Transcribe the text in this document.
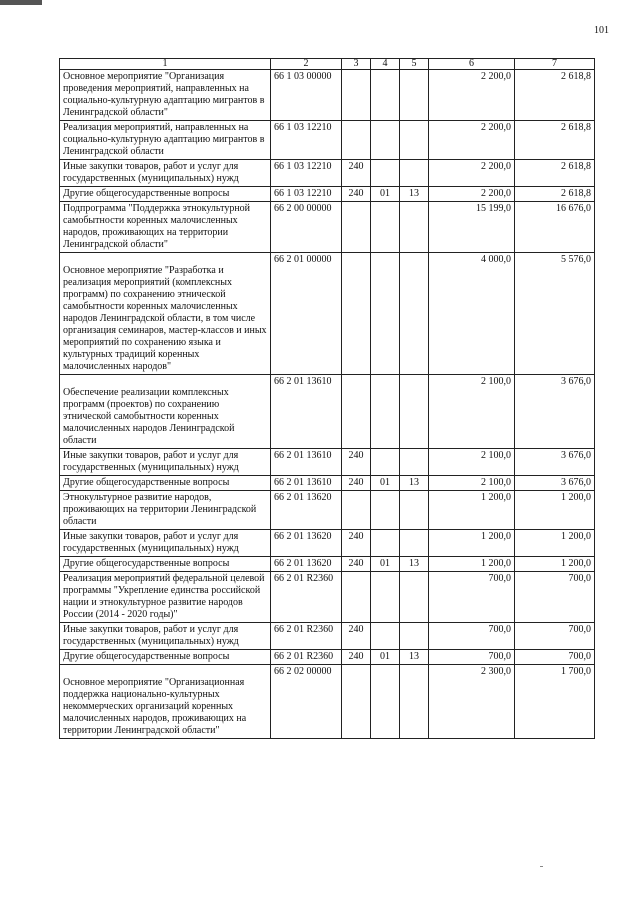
101
1	2	3	4	5	6	7
Основное мероприятие "Организация проведения мероприятий, направленных на социально-культурную адаптацию мигрантов в Ленинградской области"	66 1 03 00000				2 200,0	2 618,8
Реализация мероприятий, направленных на социально-культурную адаптацию мигрантов в Ленинградской области	66 1 03 12210				2 200,0	2 618,8
Иные закупки товаров, работ и услуг для государственных (муниципальных) нужд	66 1 03 12210	240			2 200,0	2 618,8
Другие общегосударственные вопросы	66 1 03 12210	240	01	13	2 200,0	2 618,8
Подпрограмма "Поддержка этнокультурной самобытности коренных малочисленных народов, проживающих на территории Ленинградской области"	66 2 00 00000				15 199,0	16 676,0
Основное мероприятие "Разработка и реализация мероприятий (комплексных программ) по сохранению этнической самобытности коренных малочисленных народов Ленинградской области, в том числе организация семинаров, мастер-классов и иных мероприятий по сохранению языка и культурных традиций коренных малочисленных народов"	66 2 01 00000				4 000,0	5 576,0
Обеспечение реализации комплексных программ (проектов) по сохранению этнической самобытности коренных малочисленных народов Ленинградской области	66 2 01 13610				2 100,0	3 676,0
Иные закупки товаров, работ и услуг для государственных (муниципальных) нужд	66 2 01 13610	240			2 100,0	3 676,0
Другие общегосударственные вопросы	66 2 01 13610	240	01	13	2 100,0	3 676,0
Этнокультурное развитие народов, проживающих на территории Ленинградской области	66 2 01 13620				1 200,0	1 200,0
Иные закупки товаров, работ и услуг для государственных (муниципальных) нужд	66 2 01 13620	240			1 200,0	1 200,0
Другие общегосударственные вопросы	66 2 01 13620	240	01	13	1 200,0	1 200,0
Реализация мероприятий федеральной целевой программы "Укрепление единства российской нации и этнокультурное развитие народов России (2014 - 2020 годы)"	66 2 01 R2360				700,0	700,0
Иные закупки товаров, работ и услуг для государственных (муниципальных) нужд	66 2 01 R2360	240			700,0	700,0
Другие общегосударственные вопросы	66 2 01 R2360	240	01	13	700,0	700,0
Основное мероприятие "Организационная поддержка национально-культурных некоммерческих организаций коренных малочисленных народов, проживающих на территории Ленинградской области"	66 2 02 00000				2 300,0	1 700,0
